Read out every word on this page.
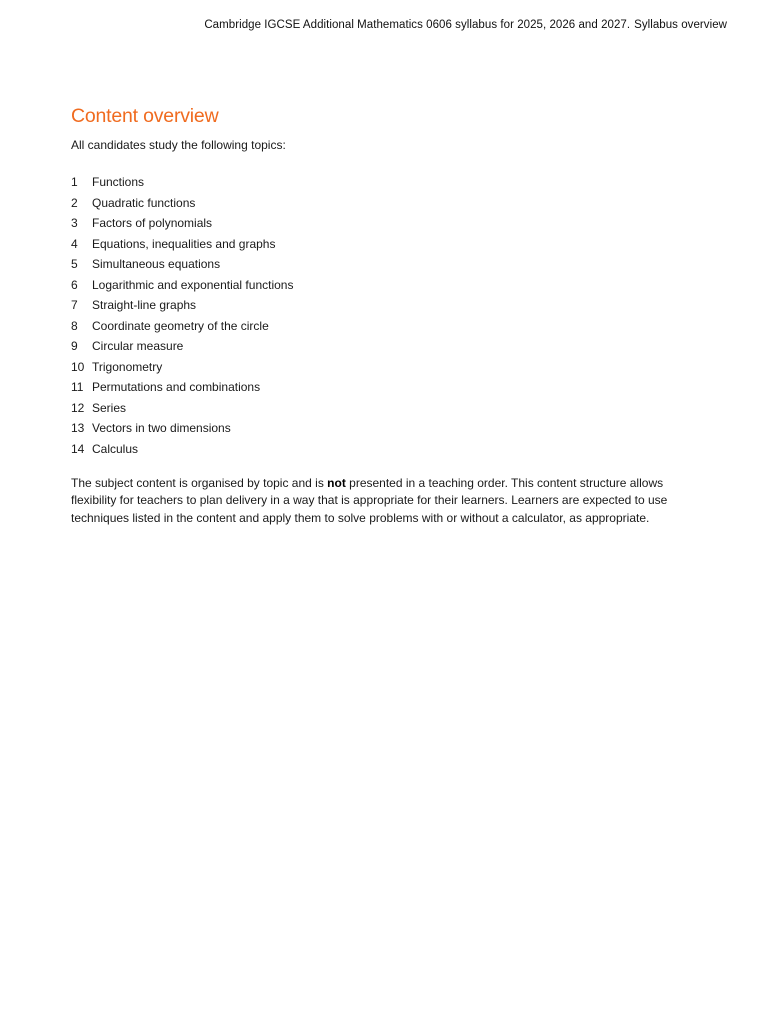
Cambridge IGCSE Additional Mathematics 0606 syllabus for 2025, 2026 and 2027. Syllabus overview
Content overview

All candidates study the following topics:

1	Functions
2	Quadratic functions
3	Factors of polynomials
4	Equations, inequalities and graphs
5	Simultaneous equations
6	Logarithmic and exponential functions
7	Straight-line graphs
8	Coordinate geometry of the circle
9	Circular measure
10 Trigonometry
11 Permutations and combinations
12 Series
13 Vectors in two dimensions
14 Calculus

The subject content is organised by topic and is not presented in a teaching order. This content structure allows flexibility for teachers to plan delivery in a way that is appropriate for their learners. Learners are expected to use techniques listed in the content and apply them to solve problems with or without a calculator, as appropriate.
